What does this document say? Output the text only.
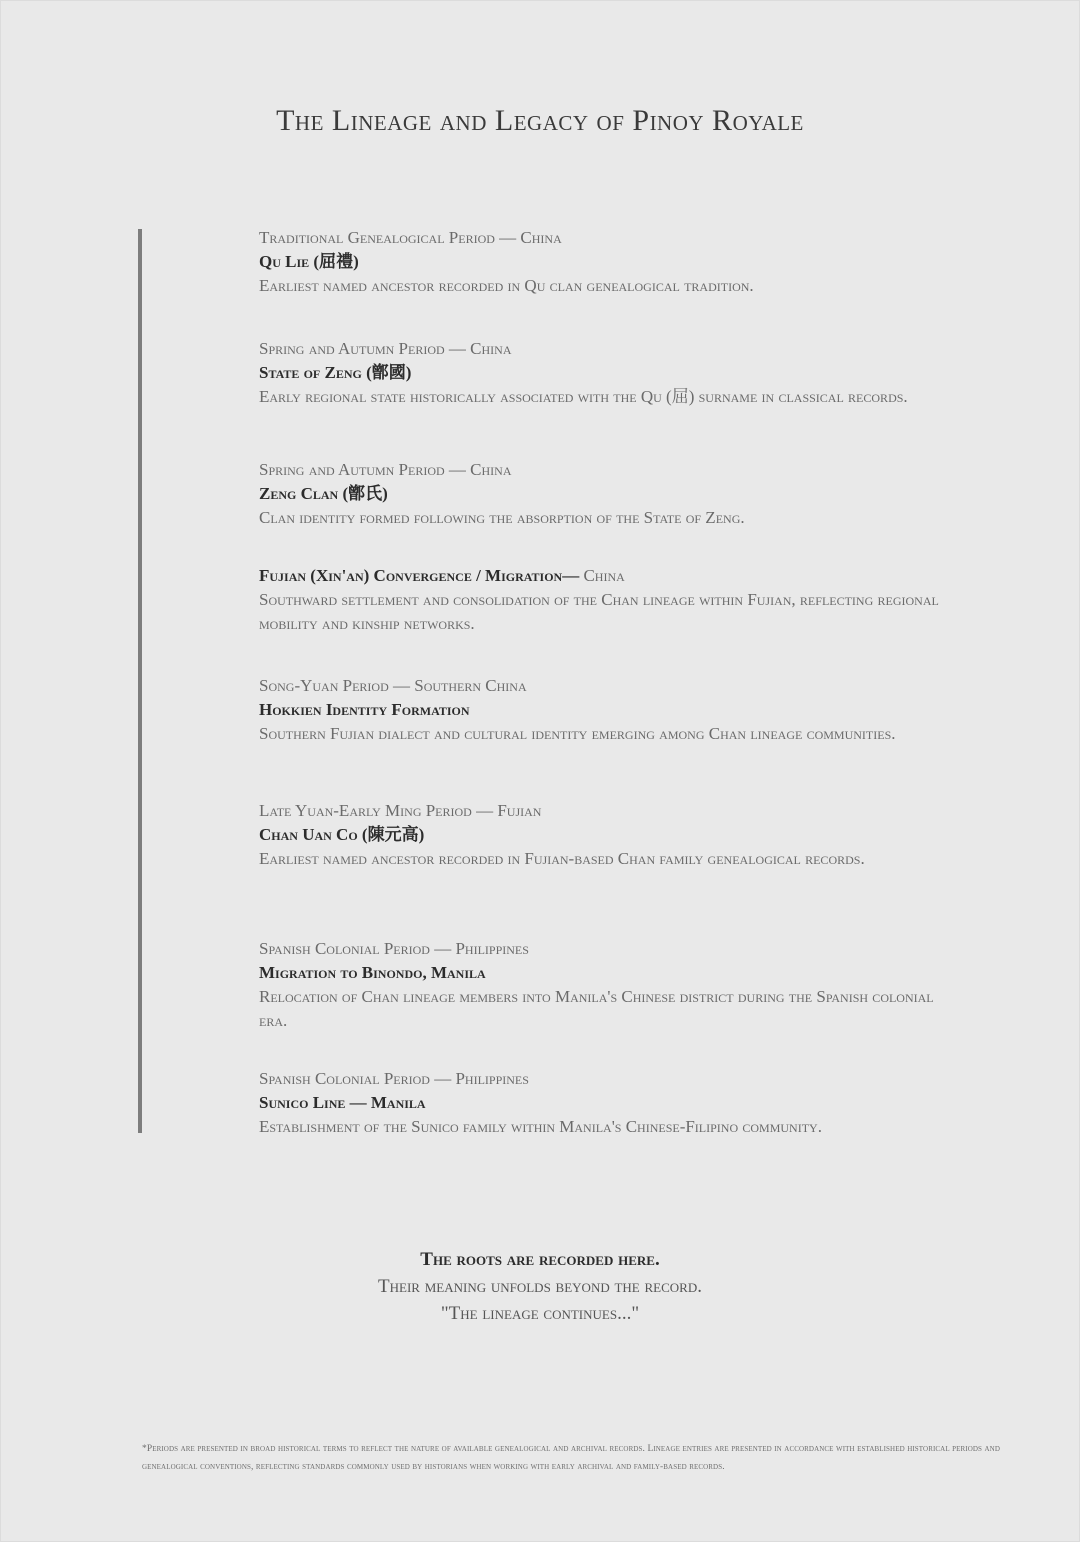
The Lineage and Legacy of Pinoy Royale
Traditional Genealogical Period — China
Qu Lie (屈禮)
Earliest named ancestor recorded in Qu clan genealogical tradition.
Spring and Autumn Period — China
State of Zeng (鄫國)
Early regional state historically associated with the Qu (屈) surname in classical records.
Spring and Autumn Period — China
Zeng Clan (鄫氏)
Clan identity formed following the absorption of the State of Zeng.
Fujian (Xin'an) Convergence / Migration— China
Southward settlement and consolidation of the Chan lineage within Fujian, reflecting regional mobility and kinship networks.
Song-Yuan Period — Southern China
Hokkien Identity Formation
Southern Fujian dialect and cultural identity emerging among Chan lineage communities.
Late Yuan-Early Ming Period — Fujian
Chan Uan Co (陳元高)
Earliest named ancestor recorded in Fujian-based Chan family genealogical records.
Spanish Colonial Period — Philippines
Migration to Binondo, Manila
Relocation of Chan lineage members into Manila's Chinese district during the Spanish colonial era.
Spanish Colonial Period — Philippines
Sunico Line — Manila
Establishment of the Sunico family within Manila's Chinese-Filipino community.
The roots are recorded here.
Their meaning unfolds beyond the record.
"The lineage continues..."
*Periods are presented in broad historical terms to reflect the nature of available genealogical and archival records. Lineage entries are presented in accordance with established historical periods and genealogical conventions, reflecting standards commonly used by historians when working with early archival and family-based records.
